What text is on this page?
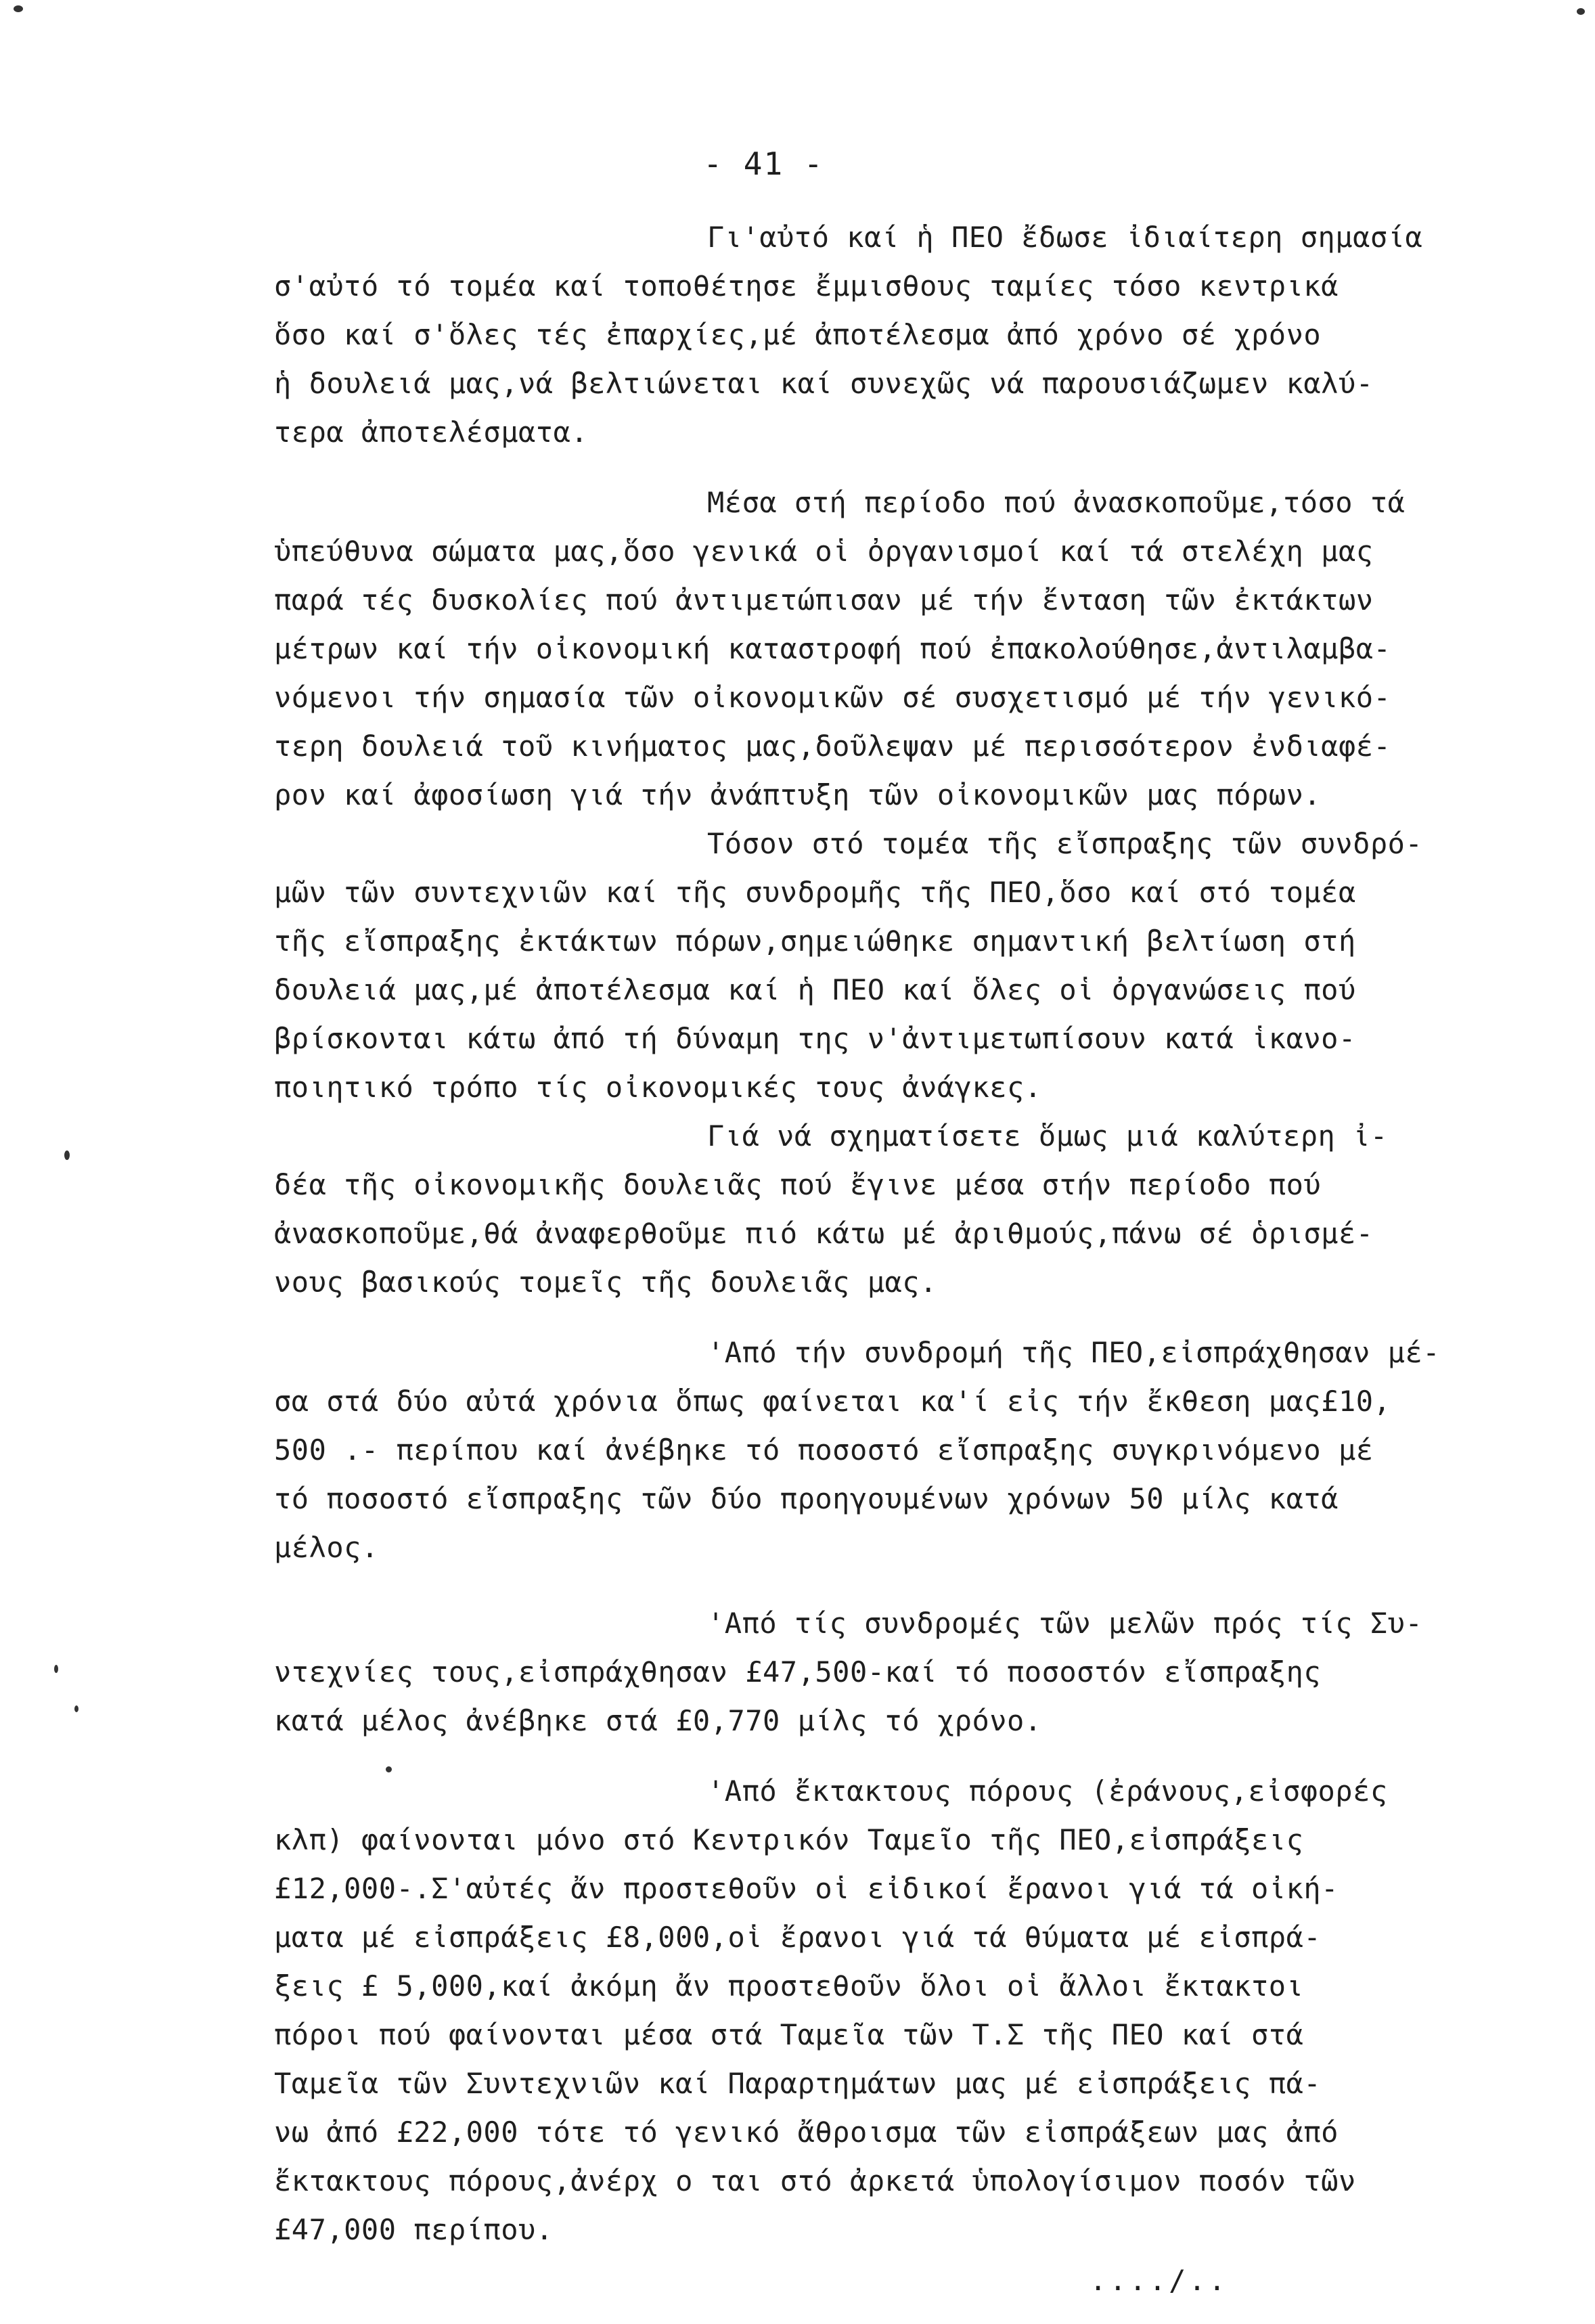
- 41 -
Γι'αὐτό καί ἡ ΠΕΟ ἔδωσε ἰδιαίτερη σημασία
σ'αὐτό τό τομέα καί τοποθέτησε ἔμμισθους ταμίες τόσο κεντρικά
ὅσο καί σ'ὅλες τές ἐπαρχίες,μέ ἀποτέλεσμα ἀπό χρόνο σέ χρόνο
ἡ δουλειά μας,νά βελτιώνεται καί συνεχῶς νά παρουσιάζωμεν καλύ-
τερα ἀποτελέσματα.
Μέσα στή περίοδο πού ἀνασκοποῦμε,τόσο τά
ὑπεύθυνα σώματα μας,ὅσο γενικά οἱ ὀργανισμοί καί τά στελέχη μας
παρά τές δυσκολίες πού ἀντιμετώπισαν μέ τήν ἔνταση τῶν ἐκτάκτων
μέτρων καί τήν οἰκονομική καταστροφή πού ἐπακολούθησε,ἀντιλαμβα-
νόμενοι τήν σημασία τῶν οἰκονομικῶν σέ συσχετισμό μέ τήν γενικό-
τερη δουλειά τοῦ κινήματος μας,δοῦλεψαν μέ περισσότερον ἐνδιαφέ-
ρον καί ἀφοσίωση γιά τήν ἀνάπτυξη τῶν οἰκονομικῶν μας πόρων.
Τόσον στό τομέα τῆς εἴσπραξης τῶν συνδρό-
μῶν τῶν συντεχνιῶν καί τῆς συνδρομῆς τῆς ΠΕΟ,ὅσο καί στό τομέα
τῆς εἴσπραξης ἐκτάκτων πόρων,σημειώθηκε σημαντική βελτίωση στή
δουλειά μας,μέ ἀποτέλεσμα καί ἡ ΠΕΟ καί ὅλες οἱ ὀργανώσεις πού
βρίσκονται κάτω ἀπό τή δύναμη της ν'ἀντιμετωπίσουν κατά ἱκανο-
ποιητικό τρόπο τίς οἰκονομικές τους ἀνάγκες.
Γιά νά σχηματίσετε ὅμως μιά καλύτερη ἰ-
δέα τῆς οἰκονομικῆς δουλειᾶς πού ἔγινε μέσα στήν περίοδο πού
ἀνασκοποῦμε,θά ἀναφερθοῦμε πιό κάτω μέ ἀριθμούς,πάνω σέ ὁρισμέ-
νους βασικούς τομεῖς τῆς δουλειᾶς μας.
'Από τήν συνδρομή τῆς ΠΕΟ,εἰσπράχθησαν μέ-
σα στά δύο αὐτά χρόνια ὅπως φαίνεται κα'ί εἰς τήν ἔκθεση μας£10,
500 .- περίπου καί ἀνέβηκε τό ποσοστό εἴσπραξης συγκρινόμενο μέ
τό ποσοστό εἴσπραξης τῶν δύο προηγουμένων χρόνων 50 μίλς κατά
μέλος.
'Από τίς συνδρομές τῶν μελῶν πρός τίς Συ-
ντεχνίες τους,εἰσπράχθησαν £47,500-καί τό ποσοστόν εἴσπραξης
κατά μέλος ἀνέβηκε στά £0,770 μίλς τό χρόνο.
'Από ἔκτακτους πόρους (ἐράνους,εἰσφορές
κλπ) φαίνονται μόνο στό Κεντρικόν Ταμεῖο τῆς ΠΕΟ,εἰσπράξεις
£12,000-.Σ'αὐτές ἄν προστεθοῦν οἱ εἰδικοί ἔρανοι γιά τά οἰκή-
ματα μέ εἰσπράξεις £8,000,οἱ ἔρανοι γιά τά θύματα μέ εἰσπρά-
ξεις £ 5,000,καί ἀκόμη ἄν προστεθοῦν ὅλοι οἱ ἄλλοι ἔκτακτοι
πόροι πού φαίνονται μέσα στά Ταμεῖα τῶν Τ.Σ τῆς ΠΕΟ καί στά
Ταμεῖα τῶν Συντεχνιῶν καί Παραρτημάτων μας μέ εἰσπράξεις πά-
νω ἀπό £22,000 τότε τό γενικό ἄθροισμα τῶν εἰσπράξεων μας ἀπό
ἔκτακτους πόρους,ἀνέρχ ο ται στό ἀρκετά ὑπολογίσιμον ποσόν τῶν
£47,000 περίπου.
..../..
